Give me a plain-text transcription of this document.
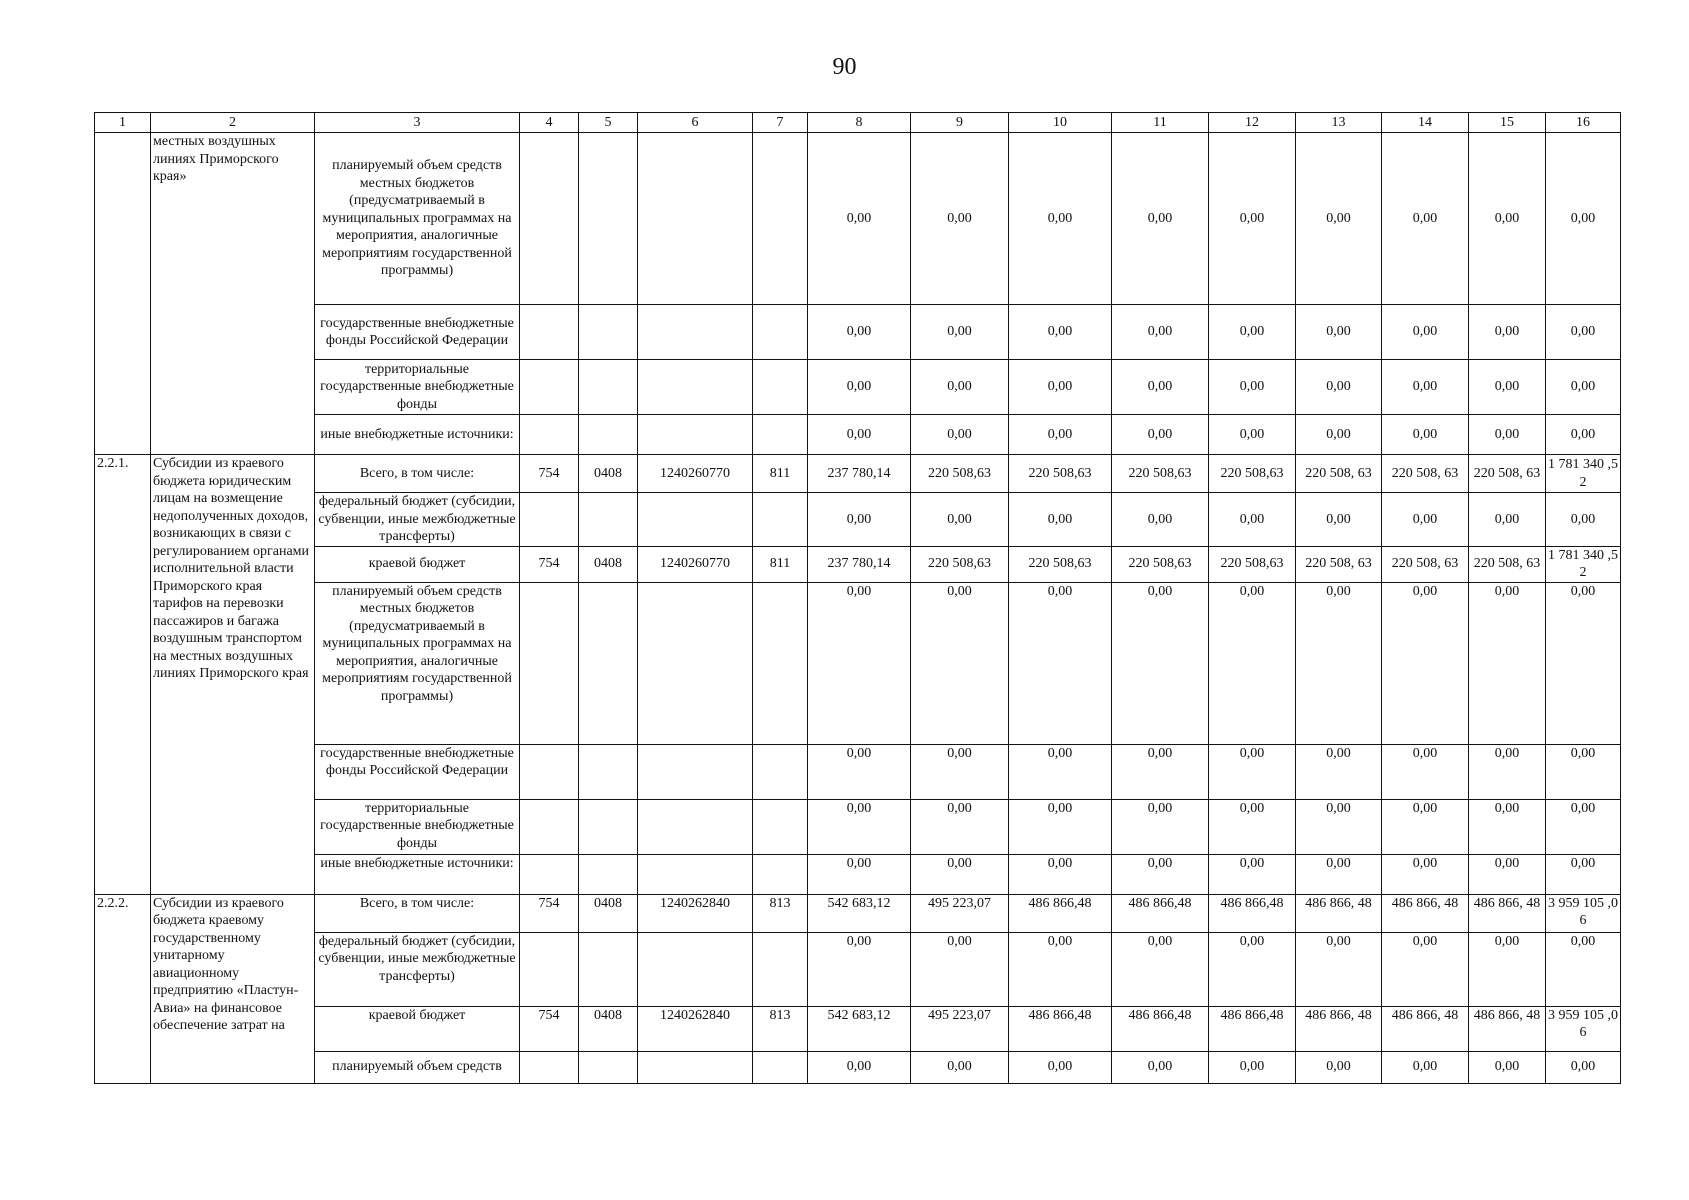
90
1	2	3	4	5	6	7	8	9	10	11	12	13	14	15	16
	местных воздушных линиях Приморского края»	планируемый объем средств местных бюджетов (предусматриваемый в муниципальных программах на мероприятия, аналогичные мероприятиям государственной программы)					0,00	0,00	0,00	0,00	0,00	0,00	0,00	0,00	0,00
		государственные внебюджетные фонды Российской Федерации					0,00	0,00	0,00	0,00	0,00	0,00	0,00	0,00	0,00
		территориальные государственные внебюджетные фонды					0,00	0,00	0,00	0,00	0,00	0,00	0,00	0,00	0,00
		иные внебюджетные источники:					0,00	0,00	0,00	0,00	0,00	0,00	0,00	0,00	0,00
2.2.1.	Субсидии из краевого бюджета юридическим лицам на возмещение недополученных доходов, возникающих в связи с регулированием органами исполнительной власти Приморского края тарифов на перевозки пассажиров и багажа воздушным транспортом на местных воздушных линиях Приморского края	Всего, в том числе:	754	0408	1240260770	811	237 780,14	220 508,63	220 508,63	220 508,63	220 508,63	220 508, 63	220 508, 63	220 508, 63	1 781 340 ,52
		федеральный бюджет (субсидии, субвенции, иные межбюджетные трансферты)					0,00	0,00	0,00	0,00	0,00	0,00	0,00	0,00	0,00
		краевой бюджет	754	0408	1240260770	811	237 780,14	220 508,63	220 508,63	220 508,63	220 508,63	220 508, 63	220 508, 63	220 508, 63	1 781 340 ,52
		планируемый объем средств местных бюджетов (предусматриваемый в муниципальных программах на мероприятия, аналогичные мероприятиям государственной программы)					0,00	0,00	0,00	0,00	0,00	0,00	0,00	0,00	0,00
		государственные внебюджетные фонды Российской Федерации					0,00	0,00	0,00	0,00	0,00	0,00	0,00	0,00	0,00
		территориальные государственные внебюджетные фонды					0,00	0,00	0,00	0,00	0,00	0,00	0,00	0,00	0,00
		иные внебюджетные источники:					0,00	0,00	0,00	0,00	0,00	0,00	0,00	0,00	0,00
2.2.2.	Субсидии из краевого бюджета краевому государственному унитарному авиационному предприятию «Пластун-Авиа» на финансовое обеспечение затрат на	Всего, в том числе:	754	0408	1240262840	813	542 683,12	495 223,07	486 866,48	486 866,48	486 866,48	486 866, 48	486 866, 48	486 866, 48	3 959 105 ,06
		федеральный бюджет (субсидии, субвенции, иные межбюджетные трансферты)					0,00	0,00	0,00	0,00	0,00	0,00	0,00	0,00	0,00
		краевой бюджет	754	0408	1240262840	813	542 683,12	495 223,07	486 866,48	486 866,48	486 866,48	486 866, 48	486 866, 48	486 866, 48	3 959 105 ,06
		планируемый объем средств					0,00	0,00	0,00	0,00	0,00	0,00	0,00	0,00	0,00
